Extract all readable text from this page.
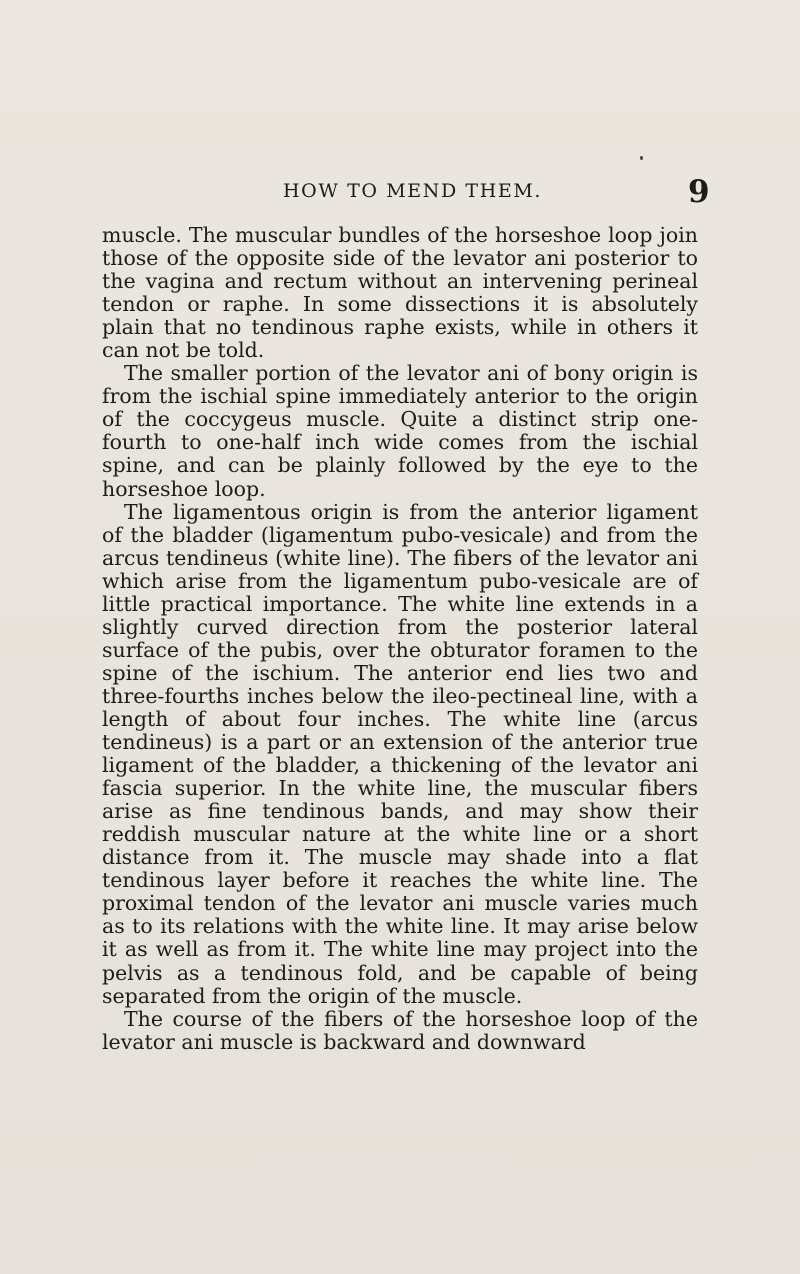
HOW TO MEND THEM.	9

muscle. The muscular bundles of the horseshoe loop join those of the opposite side of the levator ani posterior to the vagina and rectum without an intervening perineal tendon or raphe. In some dissections it is absolutely plain that no tendinous raphe exists, while in others it can not be told.

The smaller portion of the levator ani of bony origin is from the ischial spine immediately anterior to the origin of the coccygeus muscle. Quite a distinct strip one-fourth to one-half inch wide comes from the ischial spine, and can be plainly followed by the eye to the horseshoe loop.

The ligamentous origin is from the anterior ligament of the bladder (ligamentum pubo-vesicale) and from the arcus tendineus (white line). The fibers of the levator ani which arise from the ligamentum pubo-vesicale are of little practical importance. The white line extends in a slightly curved direction from the posterior lateral surface of the pubis, over the obturator foramen to the spine of the ischium. The anterior end lies two and three-fourths inches below the ileo-pectineal line, with a length of about four inches. The white line (arcus tendineus) is a part or an extension of the anterior true ligament of the bladder, a thickening of the levator ani fascia superior. In the white line, the muscular fibers arise as fine tendinous bands, and may show their reddish muscular nature at the white line or a short distance from it. The muscle may shade into a flat tendinous layer before it reaches the white line. The proximal tendon of the levator ani muscle varies much as to its relations with the white line. It may arise below it as well as from it. The white line may project into the pelvis as a tendinous fold, and be capable of being separated from the origin of the muscle.

The course of the fibers of the horseshoe loop of the levator ani muscle is backward and downward
